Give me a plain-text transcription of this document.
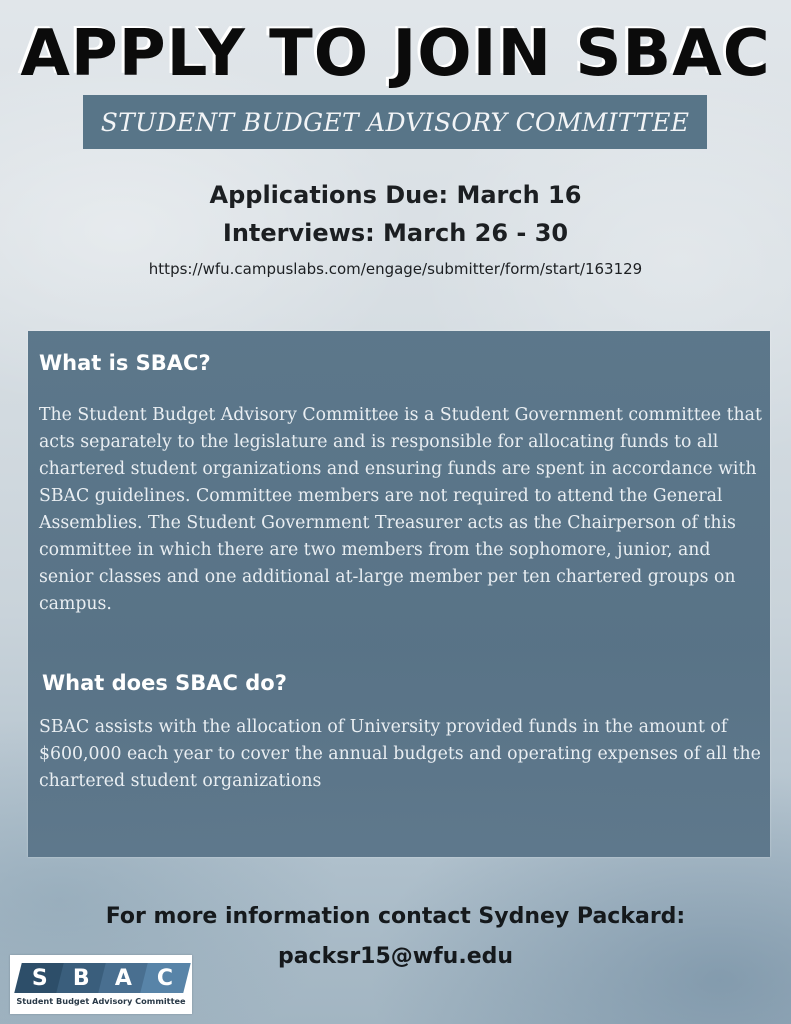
APPLY TO JOIN SBAC
STUDENT BUDGET ADVISORY COMMITTEE
Applications Due: March 16
Interviews: March 26 - 30
https://wfu.campuslabs.com/engage/submitter/form/start/163129
What is SBAC?

The Student Budget Advisory Committee is a Student Government committee that acts separately to the legislature and is responsible for allocating funds to all chartered student organizations and ensuring funds are spent in accordance with SBAC guidelines. Committee members are not required to attend the General Assemblies. The Student Government Treasurer acts as the Chairperson of this committee in which there are two members from the sophomore, junior, and senior classes and one additional at-large member per ten chartered groups on campus.

What does SBAC do?

SBAC assists with the allocation of University provided funds in the amount of $600,000 each year to cover the annual budgets and operating expenses of all the chartered student organizations

For more information contact Sydney Packard:
packsr15@wfu.edu
S B A C
Student Budget Advisory Committee
